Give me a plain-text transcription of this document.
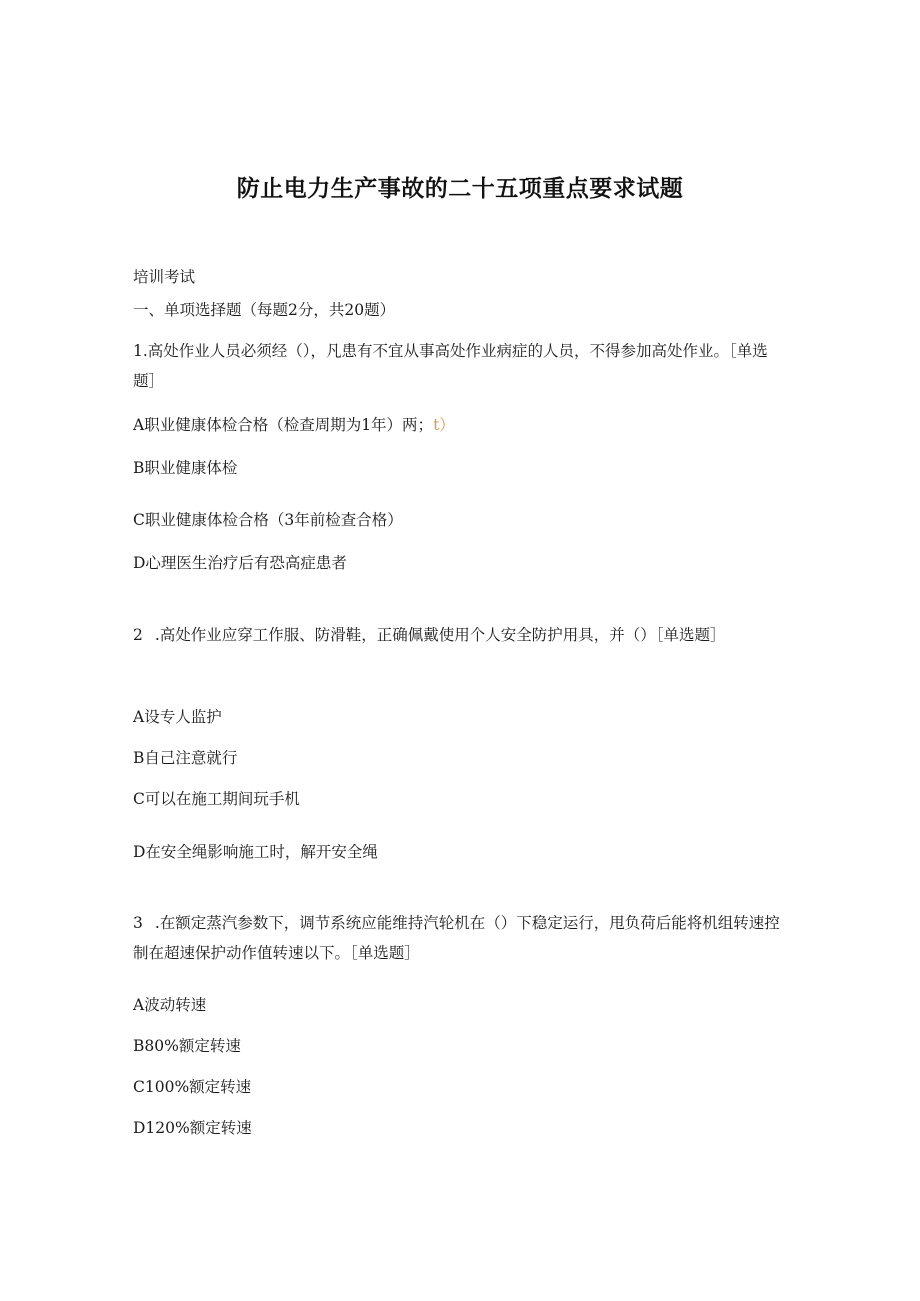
防止电力生产事故的二十五项重点要求试题
培训考试
一、单项选择题（每题2分，共20题）
1.高处作业人员必须经（），凡患有不宜从事高处作业病症的人员，不得参加高处作业。［单选题］
A职业健康体检合格（检查周期为1年）两；t）
B职业健康体检
C职业健康体检合格（3年前检查合格）
D心理医生治疗后有恐高症患者
2 .高处作业应穿工作服、防滑鞋，正确佩戴使用个人安全防护用具，并（）［单选题］
A设专人监护
B自己注意就行
C可以在施工期间玩手机
D在安全绳影响施工时，解开安全绳
3 .在额定蒸汽参数下，调节系统应能维持汽轮机在（）下稳定运行，甩负荷后能将机组转速控制在超速保护动作值转速以下。［单选题］
A波动转速
B80%额定转速
C100%额定转速
D120%额定转速
